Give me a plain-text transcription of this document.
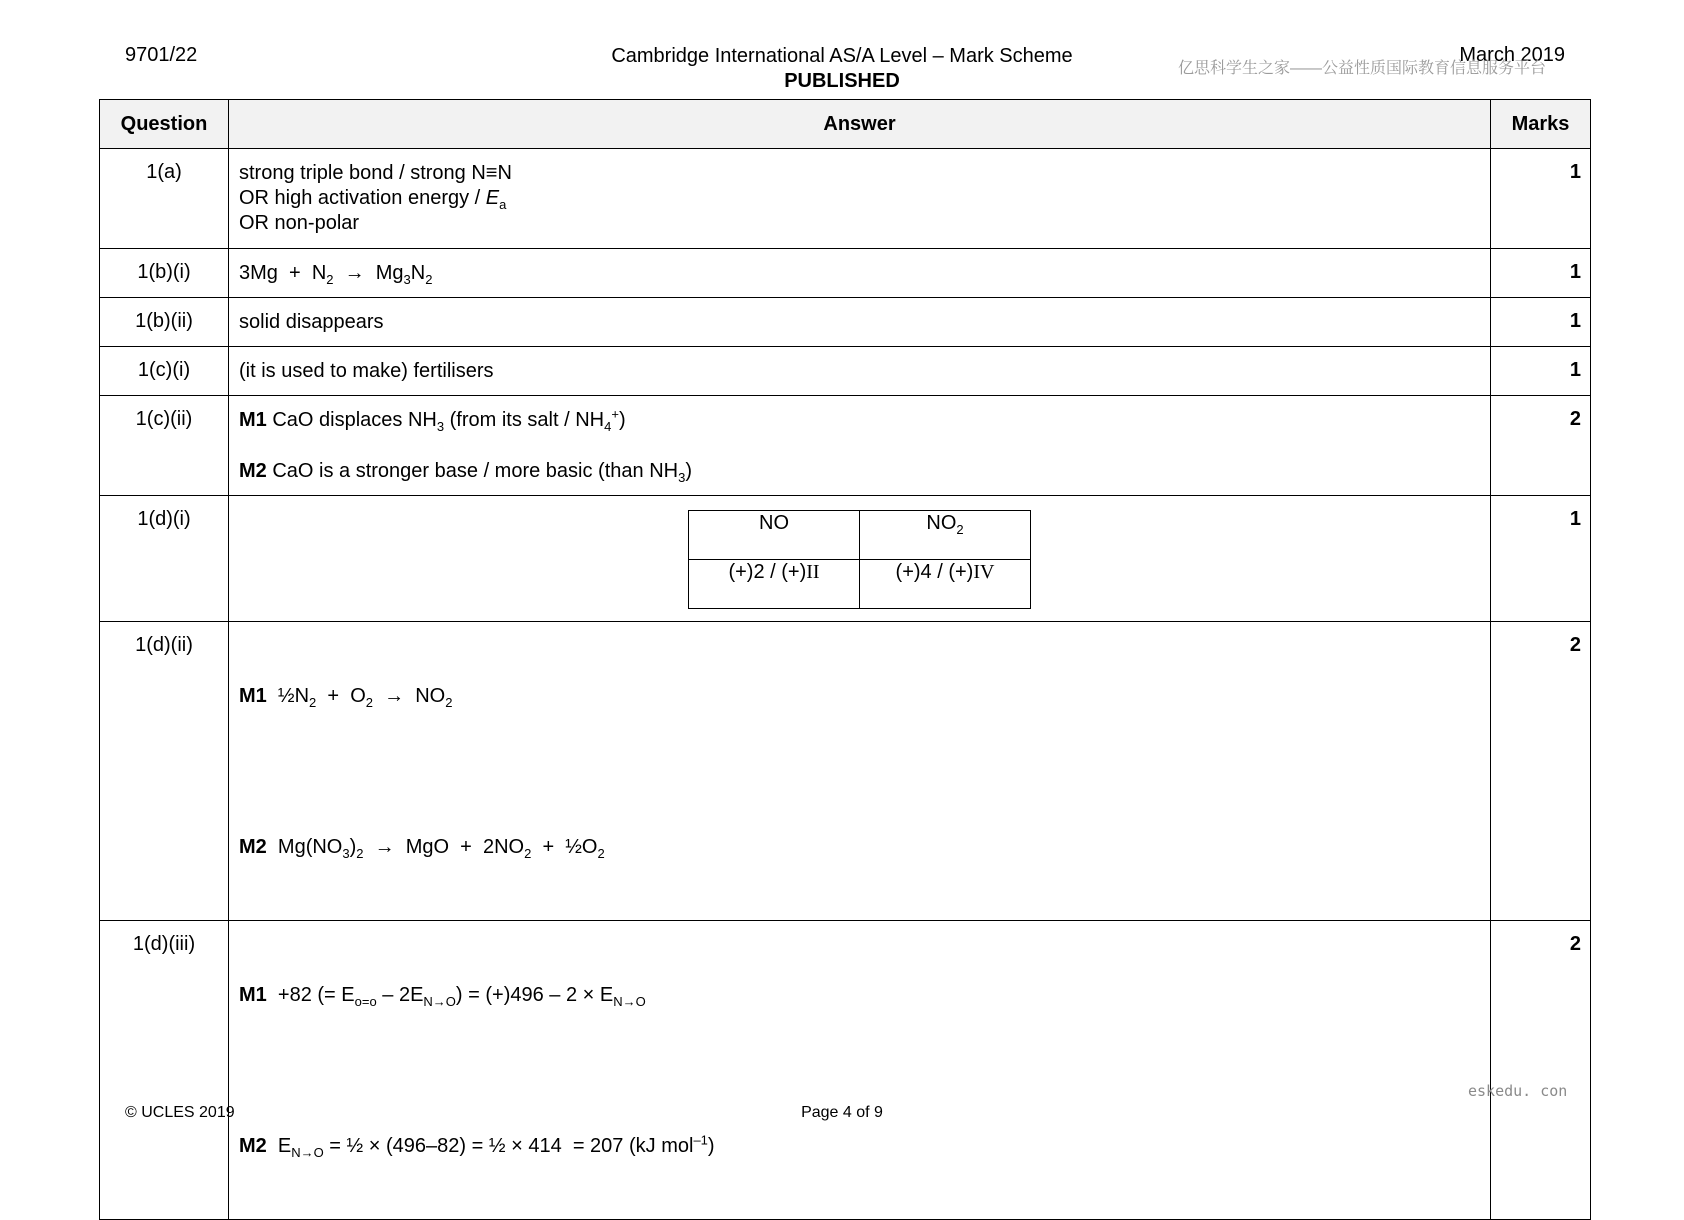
9701/22	Cambridge International AS/A Level – Mark Scheme
PUBLISHED
March 2019
亿思科学生之家——公益性质国际教育信息服务平台
Question	Answer	Marks
1(a)	strong triple bond / strong N≡N
OR high activation energy / $E_a$
OR non-polar
	1
1(b)(i)	$3Mg + N_2 \to Mg_3N_2$	1
1(b)(ii)	solid disappears	1
1(c)(i)	(it is used to make) fertilisers	1
1(c)(ii)	M1 CaO displaces $NH_3$ (from its salt / $NH_4^+$)
M2 CaO is a stronger base / more basic (than $NH_3$)
	2
1(d)(i)		NO	$NO_2$
(+)2 / (+)II	(+)4 / (+)IV
	1
1(d)(ii)	

M1  $\frac{1}{2}N_2 + O_2 \to NO_2$

M2  $Mg(NO_3)_2$  →  MgO  +  $2NO_2$  +  $\frac{1}{2}O_2$

	2
1(d)(iii)	

M1  +82 (= $E_{o=o} - 2E_{N\to O}) = (+)496 - 2 \times E_{N\to O}$

M2  $E_{N\to O}$ = ½ × (496–82) = ½ × 414  = 207 (kJ mol$^{-1}$)

	2
eskedu. con
© UCLES 2019	Page 4 of 9
